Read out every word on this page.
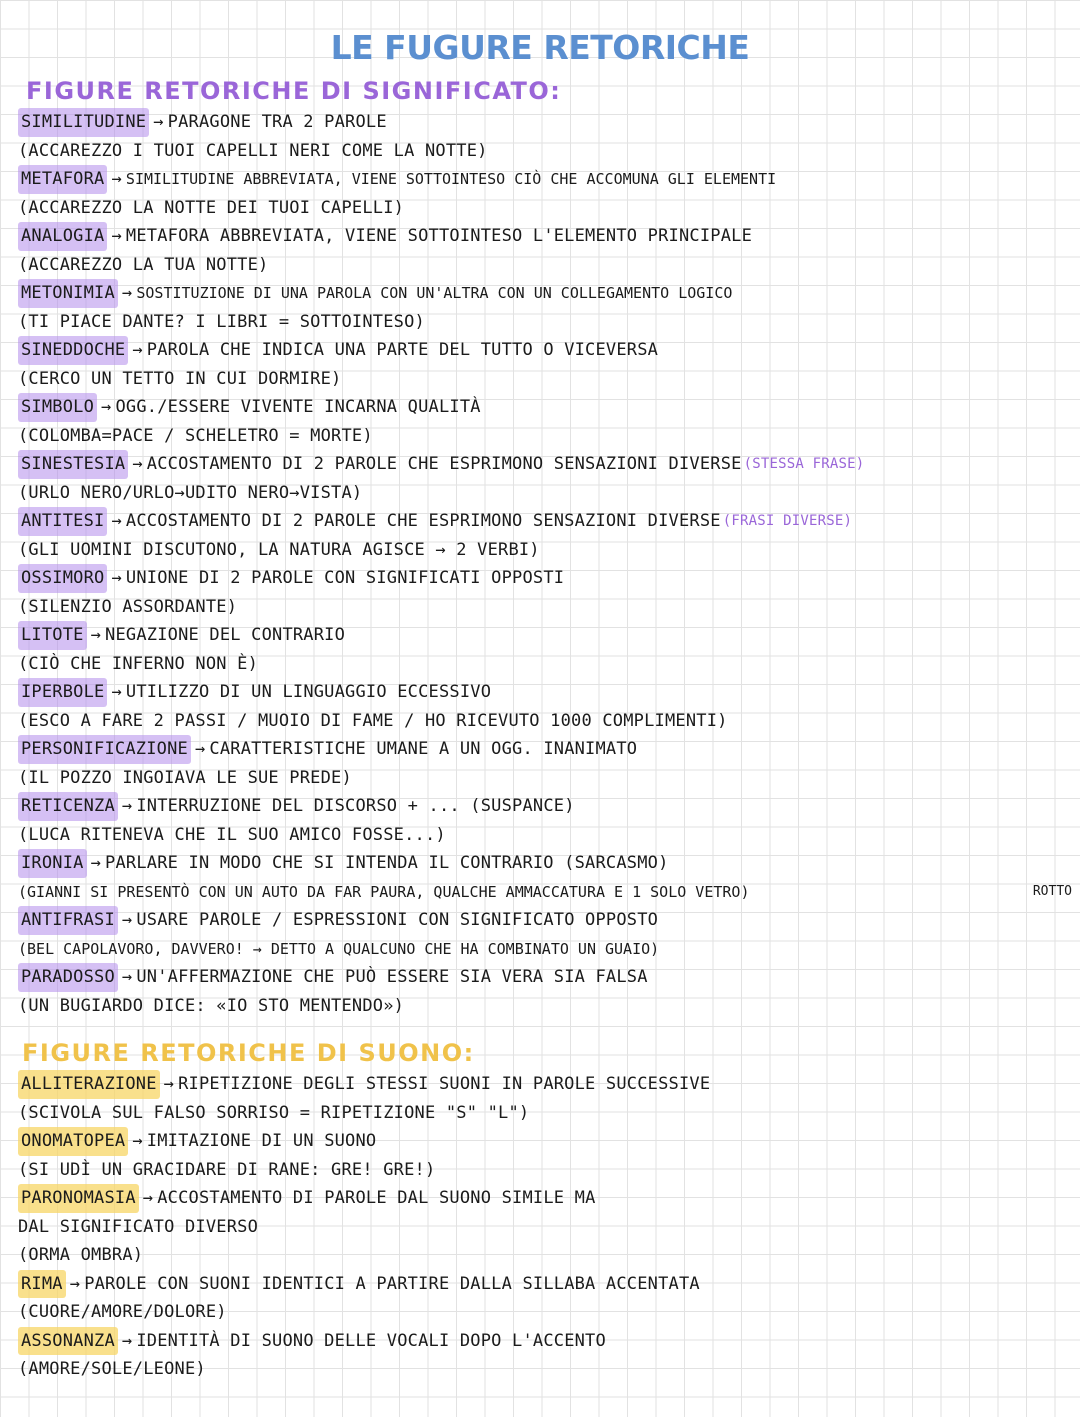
LE FUGURE RETORICHE
FIGURE RETORICHE DI SIGNIFICATO:
SIMILITUDINE → PARAGONE TRA 2 PAROLE
(ACCAREZZO I TUOI CAPELLI NERI COME LA NOTTE)
METAFORA → SIMILITUDINE ABBREVIATA, VIENE SOTTOINTESO CIÒ CHE ACCOMUNA GLI ELEMENTI
(ACCAREZZO LA NOTTE DEI TUOI CAPELLI)
ANALOGIA → METAFORA ABBREVIATA, VIENE SOTTOINTESO L'ELEMENTO PRINCIPALE
(ACCAREZZO LA TUA NOTTE)
METONIMIA → SOSTITUZIONE DI UNA PAROLA CON UN'ALTRA CON UN COLLEGAMENTO LOGICO
(TI PIACE DANTE? I LIBRI = SOTTOINTESO)
SINEDDOCHE → PAROLA CHE INDICA UNA PARTE DEL TUTTO O VICEVERSA
(CERCO UN TETTO IN CUI DORMIRE)
SIMBOLO → OGG./ESSERE VIVENTE INCARNA QUALITÀ
(COLOMBA=PACE / SCHELETRO = MORTE)
SINESTESIA → ACCOSTAMENTO DI 2 PAROLE CHE ESPRIMONO SENSAZIONI DIVERSE (STESSA FRASE)
(URLO NERO/URLO→UDITO NERO→VISTA)
ANTITESI → ACCOSTAMENTO DI 2 PAROLE CHE ESPRIMONO SENSAZIONI DIVERSE (FRASI DIVERSE)
(GLI UOMINI DISCUTONO, LA NATURA AGISCE → 2 VERBI)
OSSIMORO → UNIONE DI 2 PAROLE CON SIGNIFICATI OPPOSTI
(SILENZIO ASSORDANTE)
LITOTE → NEGAZIONE DEL CONTRARIO
(CIÒ CHE INFERNO NON È)
IPERBOLE → UTILIZZO DI UN LINGUAGGIO ECCESSIVO
(ESCO A FARE 2 PASSI / MUOIO DI FAME / HO RICEVUTO 1000 COMPLIMENTI)
PERSONIFICAZIONE → CARATTERISTICHE UMANE A UN OGG. INANIMATO
(IL POZZO INGOIAVA LE SUE PREDE)
RETICENZA → INTERRUZIONE DEL DISCORSO + ... (SUSPANCE)
(LUCA RITENEVA CHE IL SUO AMICO FOSSE...)
IRONIA → PARLARE IN MODO CHE SI INTENDA IL CONTRARIO (SARCASMO)
(GIANNI SI PRESENTÒ CON UN AUTO DA FAR PAURA, QUALCHE AMMACCATURA E 1 SOLO VETRO)
ANTIFRASI → USARE PAROLE / ESPRESSIONI CON SIGNIFICATO OPPOSTO
(BEL CAPOLAVORO, DAVVERO! → DETTO A QUALCUNO CHE HA COMBINATO UN GUAIO)
PARADOSSO → UN'AFFERMAZIONE CHE PUÒ ESSERE SIA VERA SIA FALSA
(UN BUGIARDO DICE: «IO STO MENTENDO»)
ROTTO
FIGURE RETORICHE DI SUONO:
ALLITERAZIONE → RIPETIZIONE DEGLI STESSI SUONI IN PAROLE SUCCESSIVE
(SCIVOLA SUL FALSO SORRISO = RIPETIZIONE "S" "L")
ONOMATOPEA → IMITAZIONE DI UN SUONO
(SI UDÌ UN GRACIDARE DI RANE: GRE! GRE!)
PARONOMASIA → ACCOSTAMENTO DI PAROLE DAL SUONO SIMILE MA
DAL SIGNIFICATO DIVERSO
(ORMA OMBRA)
RIMA → PAROLE CON SUONI IDENTICI A PARTIRE DALLA SILLABA ACCENTATA
(CUORE/AMORE/DOLORE)
ASSONANZA → IDENTITÀ DI SUONO DELLE VOCALI DOPO L'ACCENTO
(AMORE/SOLE/LEONE)
